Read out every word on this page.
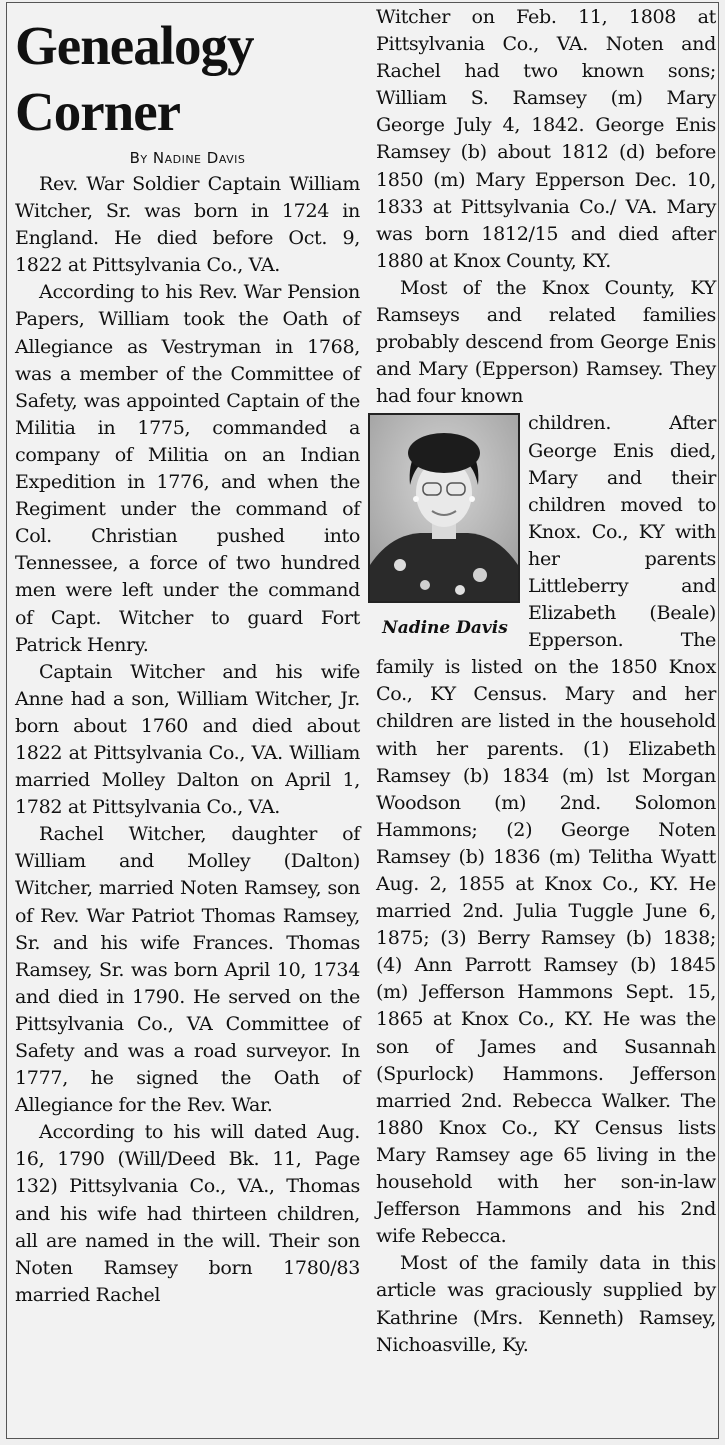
Genealogy
Corner
By Nadine Davis

Rev. War Soldier Captain William Witcher, Sr. was born in 1724 in England. He died before Oct. 9, 1822 at Pittsylvania Co., VA.

According to his Rev. War Pension Papers, William took the Oath of Allegiance as Vestryman in 1768, was a member of the Committee of Safety, was appointed Captain of the Militia in 1775, commanded a company of Militia on an Indian Expedition in 1776, and when the Regiment under the command of Col. Christian pushed into Tennessee, a force of two hundred men were left under the command of Capt. Witcher to guard Fort Patrick Henry.

Captain Witcher and his wife Anne had a son, William Witcher, Jr. born about 1760 and died about 1822 at Pittsylvania Co., VA. William married Molley Dalton on April 1, 1782 at Pittsylvania Co., VA.

Rachel Witcher, daughter of William and Molley (Dalton) Witcher, married Noten Ramsey, son of Rev. War Patriot Thomas Ramsey, Sr. and his wife Frances. Thomas Ramsey, Sr. was born April 10, 1734 and died in 1790. He served on the Pittsylvania Co., VA Committee of Safety and was a road surveyor. In 1777, he signed the Oath of Allegiance for the Rev. War.

According to his will dated Aug. 16, 1790 (Will/Deed Bk. 11, Page 132) Pittsylvania Co., VA., Thomas and his wife had thirteen children, all are named in the will. Their son Noten Ramsey born 1780/83 married Rachel

Witcher on Feb. 11, 1808 at Pittsylvania Co., VA. Noten and Rachel had two known sons; William S. Ramsey (m) Mary George July 4, 1842. George Enis Ramsey (b) about 1812 (d) before 1850 (m) Mary Epperson Dec. 10, 1833 at Pittsylvania Co./ VA. Mary was born 1812/15 and died after 1880 at Knox County, KY.

Most of the Knox County, KY Ramseys and related families probably descend from George Enis and Mary (Epperson) Ramsey. They had four known

Nadine Davis

children. After George Enis died, Mary and their children moved to Knox. Co., KY with her parents Littleberry and Elizabeth (Beale) Epperson. The family is listed on the 1850 Knox Co., KY Census. Mary and her children are listed in the household with her parents. (1) Elizabeth Ramsey (b) 1834 (m) lst Morgan Woodson (m) 2nd. Solomon Hammons; (2) George Noten Ramsey (b) 1836 (m) Telitha Wyatt Aug. 2, 1855 at Knox Co., KY. He married 2nd. Julia Tuggle June 6, 1875; (3) Berry Ramsey (b) 1838; (4) Ann Parrott Ramsey (b) 1845 (m) Jefferson Hammons Sept. 15, 1865 at Knox Co., KY. He was the son of James and Susannah (Spurlock) Hammons. Jefferson married 2nd. Rebecca Walker. The 1880 Knox Co., KY Census lists Mary Ramsey age 65 living in the household with her son-in-law Jefferson Hammons and his 2nd wife Rebecca.

Most of the family data in this article was graciously supplied by Kathrine (Mrs. Kenneth) Ramsey, Nichoasville, Ky.
